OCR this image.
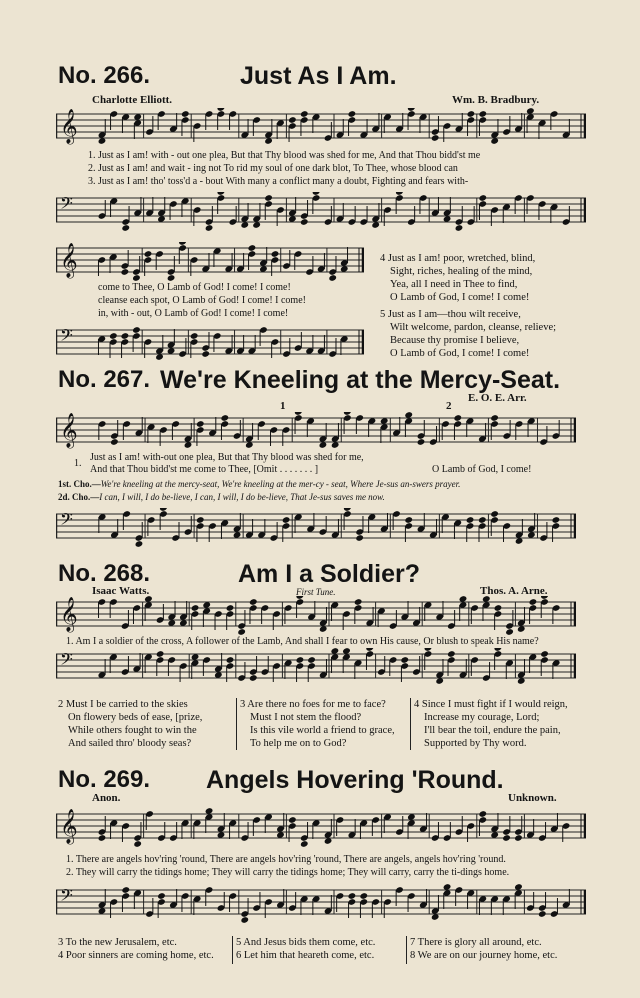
No. 266.	Just As I Am.
Charlotte Elliott.	Wm. B. Bradbury.
𝄞
1. Just as I am! with - out one plea, But that Thy blood was shed for me, And that Thou bidd'st me
2. Just as I am! and wait - ing not To rid my soul of one dark blot, To Thee, whose blood can
3. Just as I am! tho' toss'd a - bout With many a conflict many a doubt, Fighting and fears with-
𝄢
𝄞
come to Thee, O Lamb of God! I come! I come!
cleanse each spot, O Lamb of God! I come! I come!
in, with - out, O Lamb of God! I come! I come!
𝄢
4 Just as I am! poor, wretched, blind,
Sight, riches, healing of the mind,
Yea, all I need in Thee to find,
O Lamb of God, I come! I come!
5 Just as I am—thou wilt receive,
Wilt welcome, pardon, cleanse, relieve;
Because thy promise I believe,
O Lamb of God, I come! I come!
No. 267. We're Kneeling at the Mercy-Seat.
E. O. E. Arr.
1	2
𝄞
1.
Just as I am! with-out one plea, But that Thy blood was shed for me,
And that Thou bidd'st me come to Thee, [Omit . . . . . . . ]	O Lamb of God, I come!
1st. Cho.—We're kneeling at the mercy-seat, We're kneeling at the mer-cy - seat, Where Je-sus an-swers prayer.
2d. Cho.—I can, I will, I do be-lieve, I can, I will, I do be-lieve, That Je-sus saves me now.
𝄢
No. 268.	Am I a Soldier?
Isaac Watts.	First Tune.	Thos. A. Arne.
𝄞
1. Am I a soldier of the cross, A follower of the Lamb, And shall I fear to own His cause, Or blush to speak His name?
𝄢
2 Must I be carried to the skies
On flowery beds of ease, [prize,
While others fought to win the
And sailed thro' bloody seas?
3 Are there no foes for me to face?
Must I not stem the flood?
Is this vile world a friend to grace,
To help me on to God?
4 Since I must fight if I would reign,
Increase my courage, Lord;
I'll bear the toil, endure the pain,
Supported by Thy word.
No. 269. Angels Hovering 'Round.
Anon.	Unknown.
𝄞
1. There are angels hov'ring 'round, There are angels hov'ring 'round, There are angels, angels hov'ring 'round.
2. They will carry the tidings home; They will carry the tidings home; They will carry, carry the ti-dings home.
𝄢
3 To the new Jerusalem, etc.
4 Poor sinners are coming home, etc.
5 And Jesus bids them come, etc.
6 Let him that heareth come, etc.
7 There is glory all around, etc.
8 We are on our journey home, etc.
